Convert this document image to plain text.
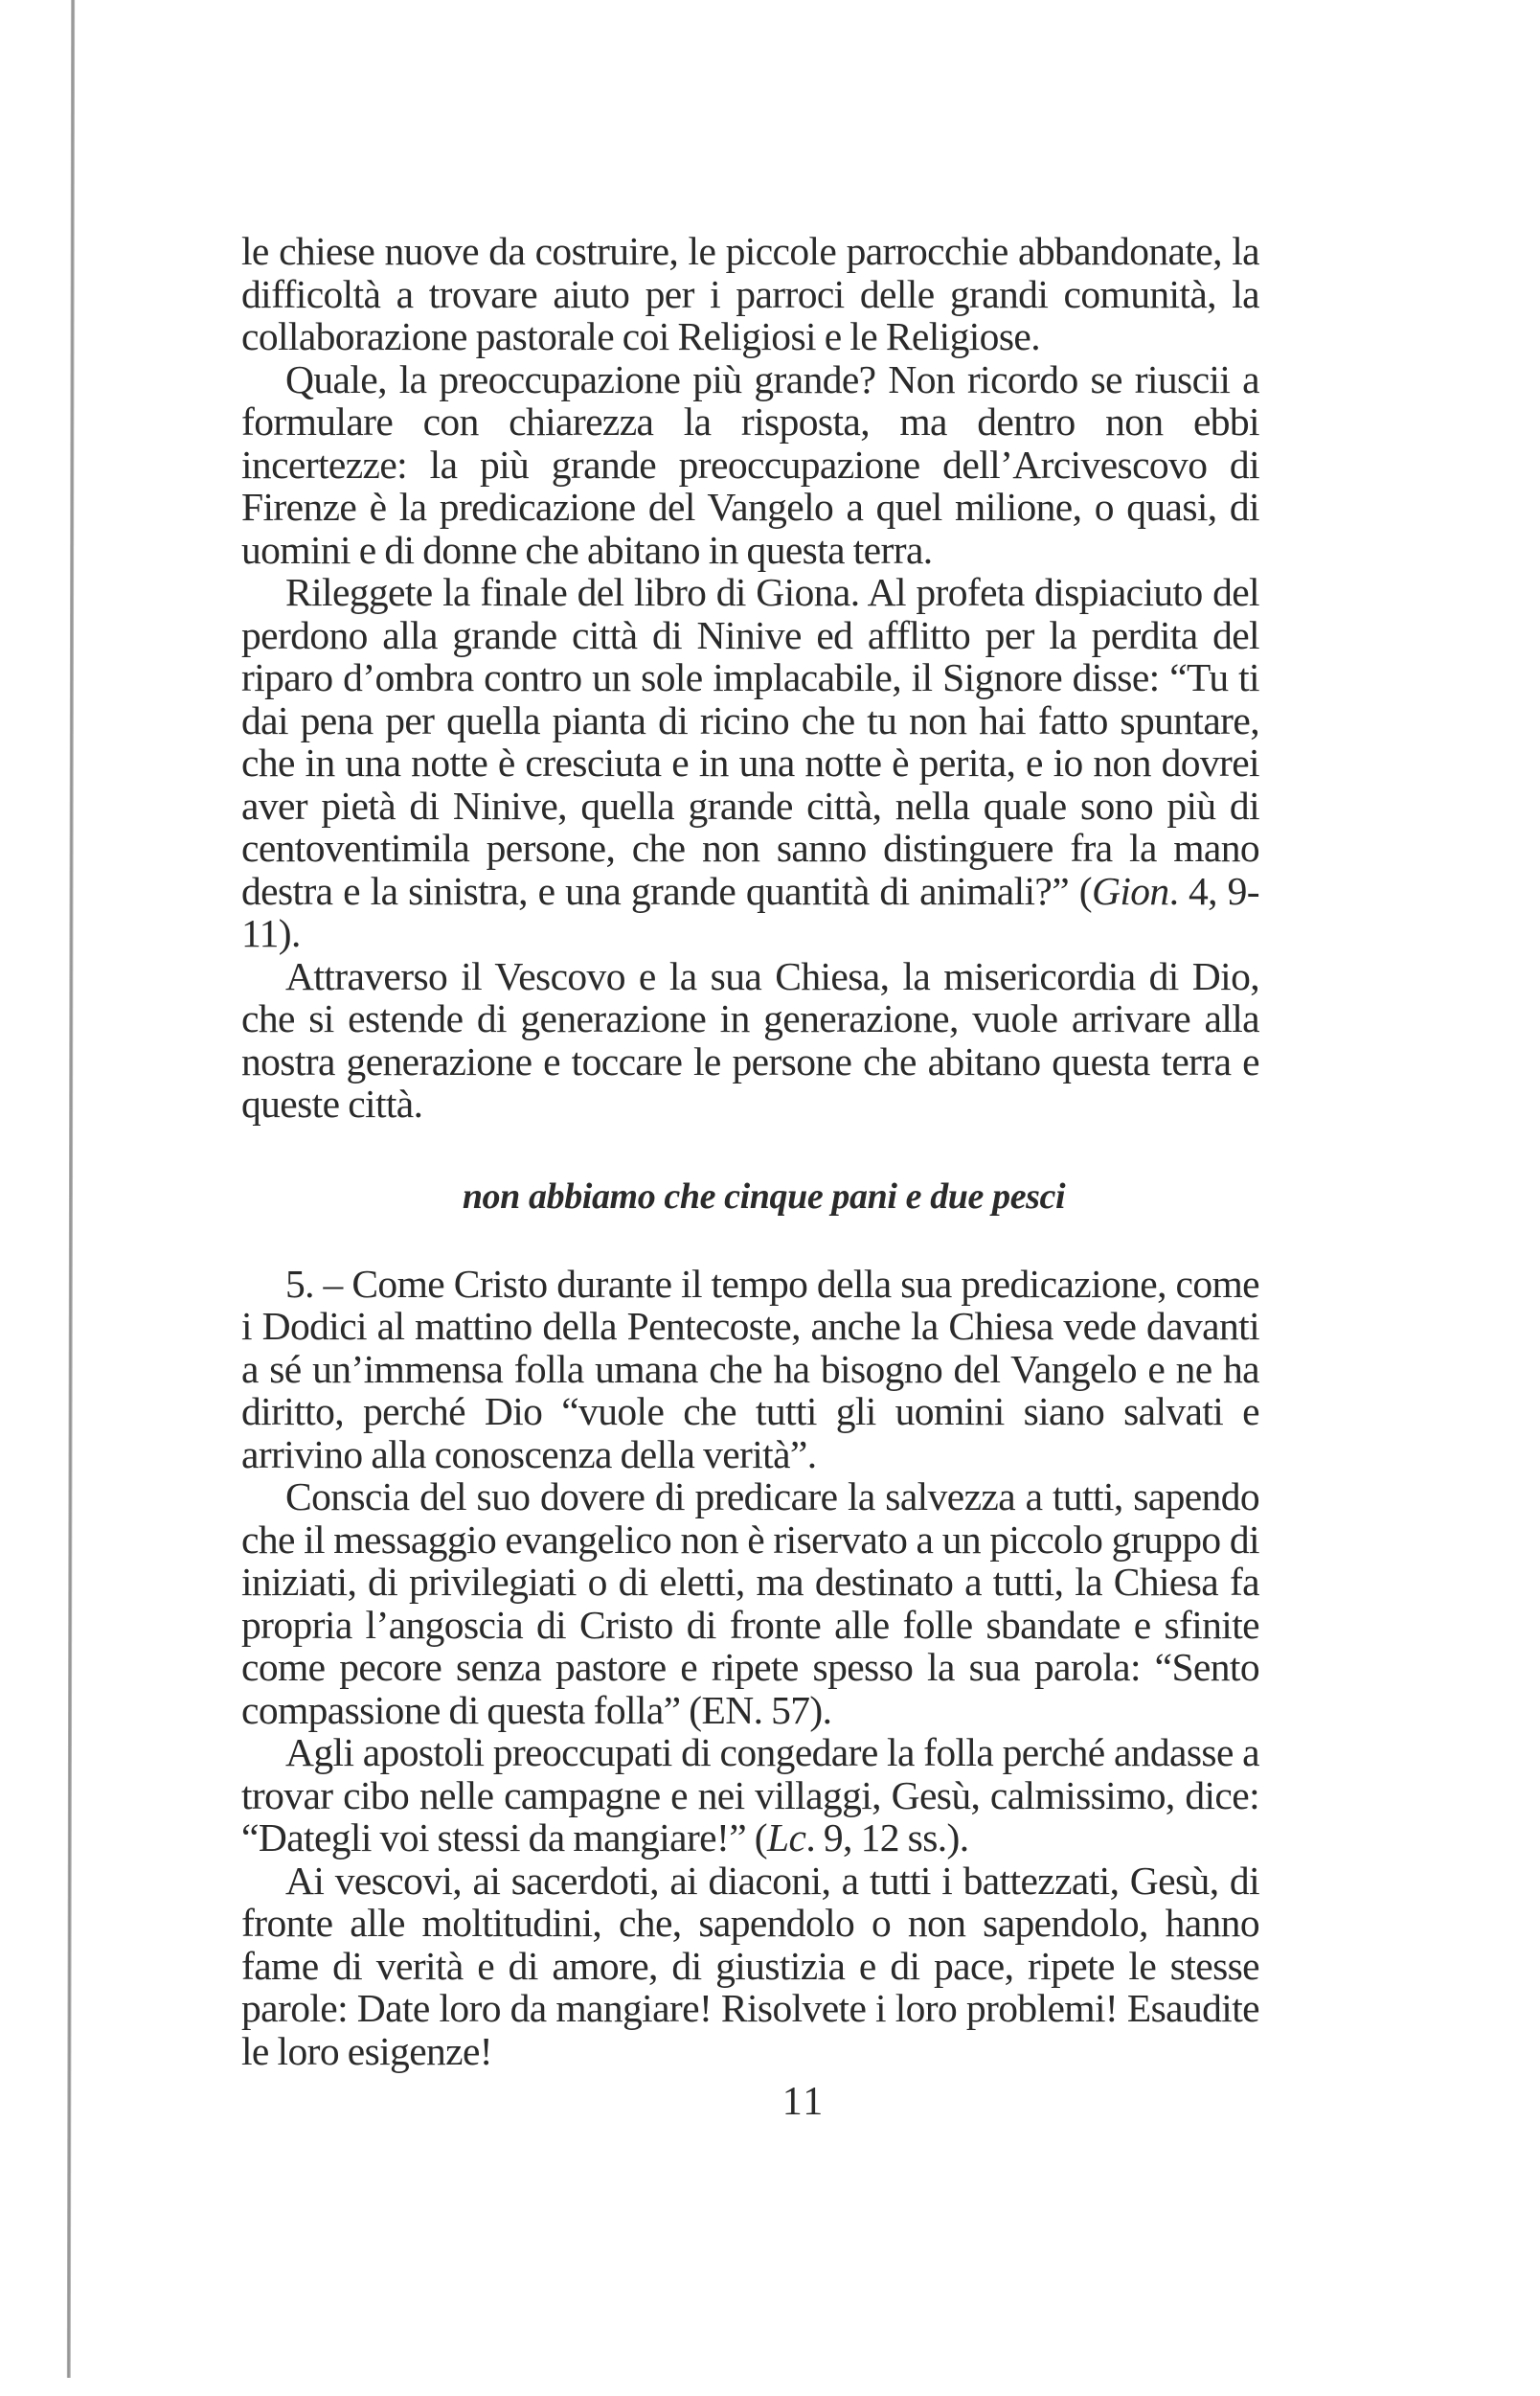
le chiese nuove da costruire, le piccole parrocchie abbandonate, la difficoltà a trovare aiuto per i parroci delle grandi comunità, la collaborazione pastorale coi Religiosi e le Religiose.

Quale, la preoccupazione più grande? Non ricordo se riuscii a formulare con chiarezza la risposta, ma dentro non ebbi incertezze: la più grande preoccupazione dell’Arcivescovo di Firenze è la predicazione del Vangelo a quel milione, o quasi, di uomini e di donne che abitano in questa terra.

Rileggete la finale del libro di Giona. Al profeta dispiaciuto del perdono alla grande città di Ninive ed afflitto per la perdita del riparo d’ombra contro un sole implacabile, il Signore disse: “Tu ti dai pena per quella pianta di ricino che tu non hai fatto spuntare, che in una notte è cresciuta e in una notte è perita, e io non dovrei aver pietà di Ninive, quella grande città, nella quale sono più di centoventimila persone, che non sanno distinguere fra la mano destra e la sinistra, e una grande quantità di animali?” (Gion. 4, 9-11).

Attraverso il Vescovo e la sua Chiesa, la misericordia di Dio, che si estende di generazione in generazione, vuole arrivare alla nostra generazione e toccare le persone che abitano questa terra e queste città.

non abbiamo che cinque pani e due pesci

5. – Come Cristo durante il tempo della sua predicazione, come i Dodici al mattino della Pentecoste, anche la Chiesa vede davanti a sé un’immensa folla umana che ha bisogno del Vangelo e ne ha diritto, perché Dio “vuole che tutti gli uomini siano salvati e arrivino alla conoscenza della verità”.

Conscia del suo dovere di predicare la salvezza a tutti, sapendo che il messaggio evangelico non è riservato a un piccolo gruppo di iniziati, di privilegiati o di eletti, ma destinato a tutti, la Chiesa fa propria l’angoscia di Cristo di fronte alle folle sbandate e sfinite come pecore senza pastore e ripete spesso la sua parola: “Sento compassione di questa folla” (EN. 57).

Agli apostoli preoccupati di congedare la folla perché andasse a trovar cibo nelle campagne e nei villaggi, Gesù, calmissimo, dice: “Dategli voi stessi da mangiare!” (Lc. 9, 12 ss.).

Ai vescovi, ai sacerdoti, ai diaconi, a tutti i battezzati, Gesù, di fronte alle moltitudini, che, sapendolo o non sapendolo, hanno fame di verità e di amore, di giustizia e di pace, ripete le stesse parole: Date loro da mangiare! Risolvete i loro problemi! Esaudite le loro esigenze!

11
